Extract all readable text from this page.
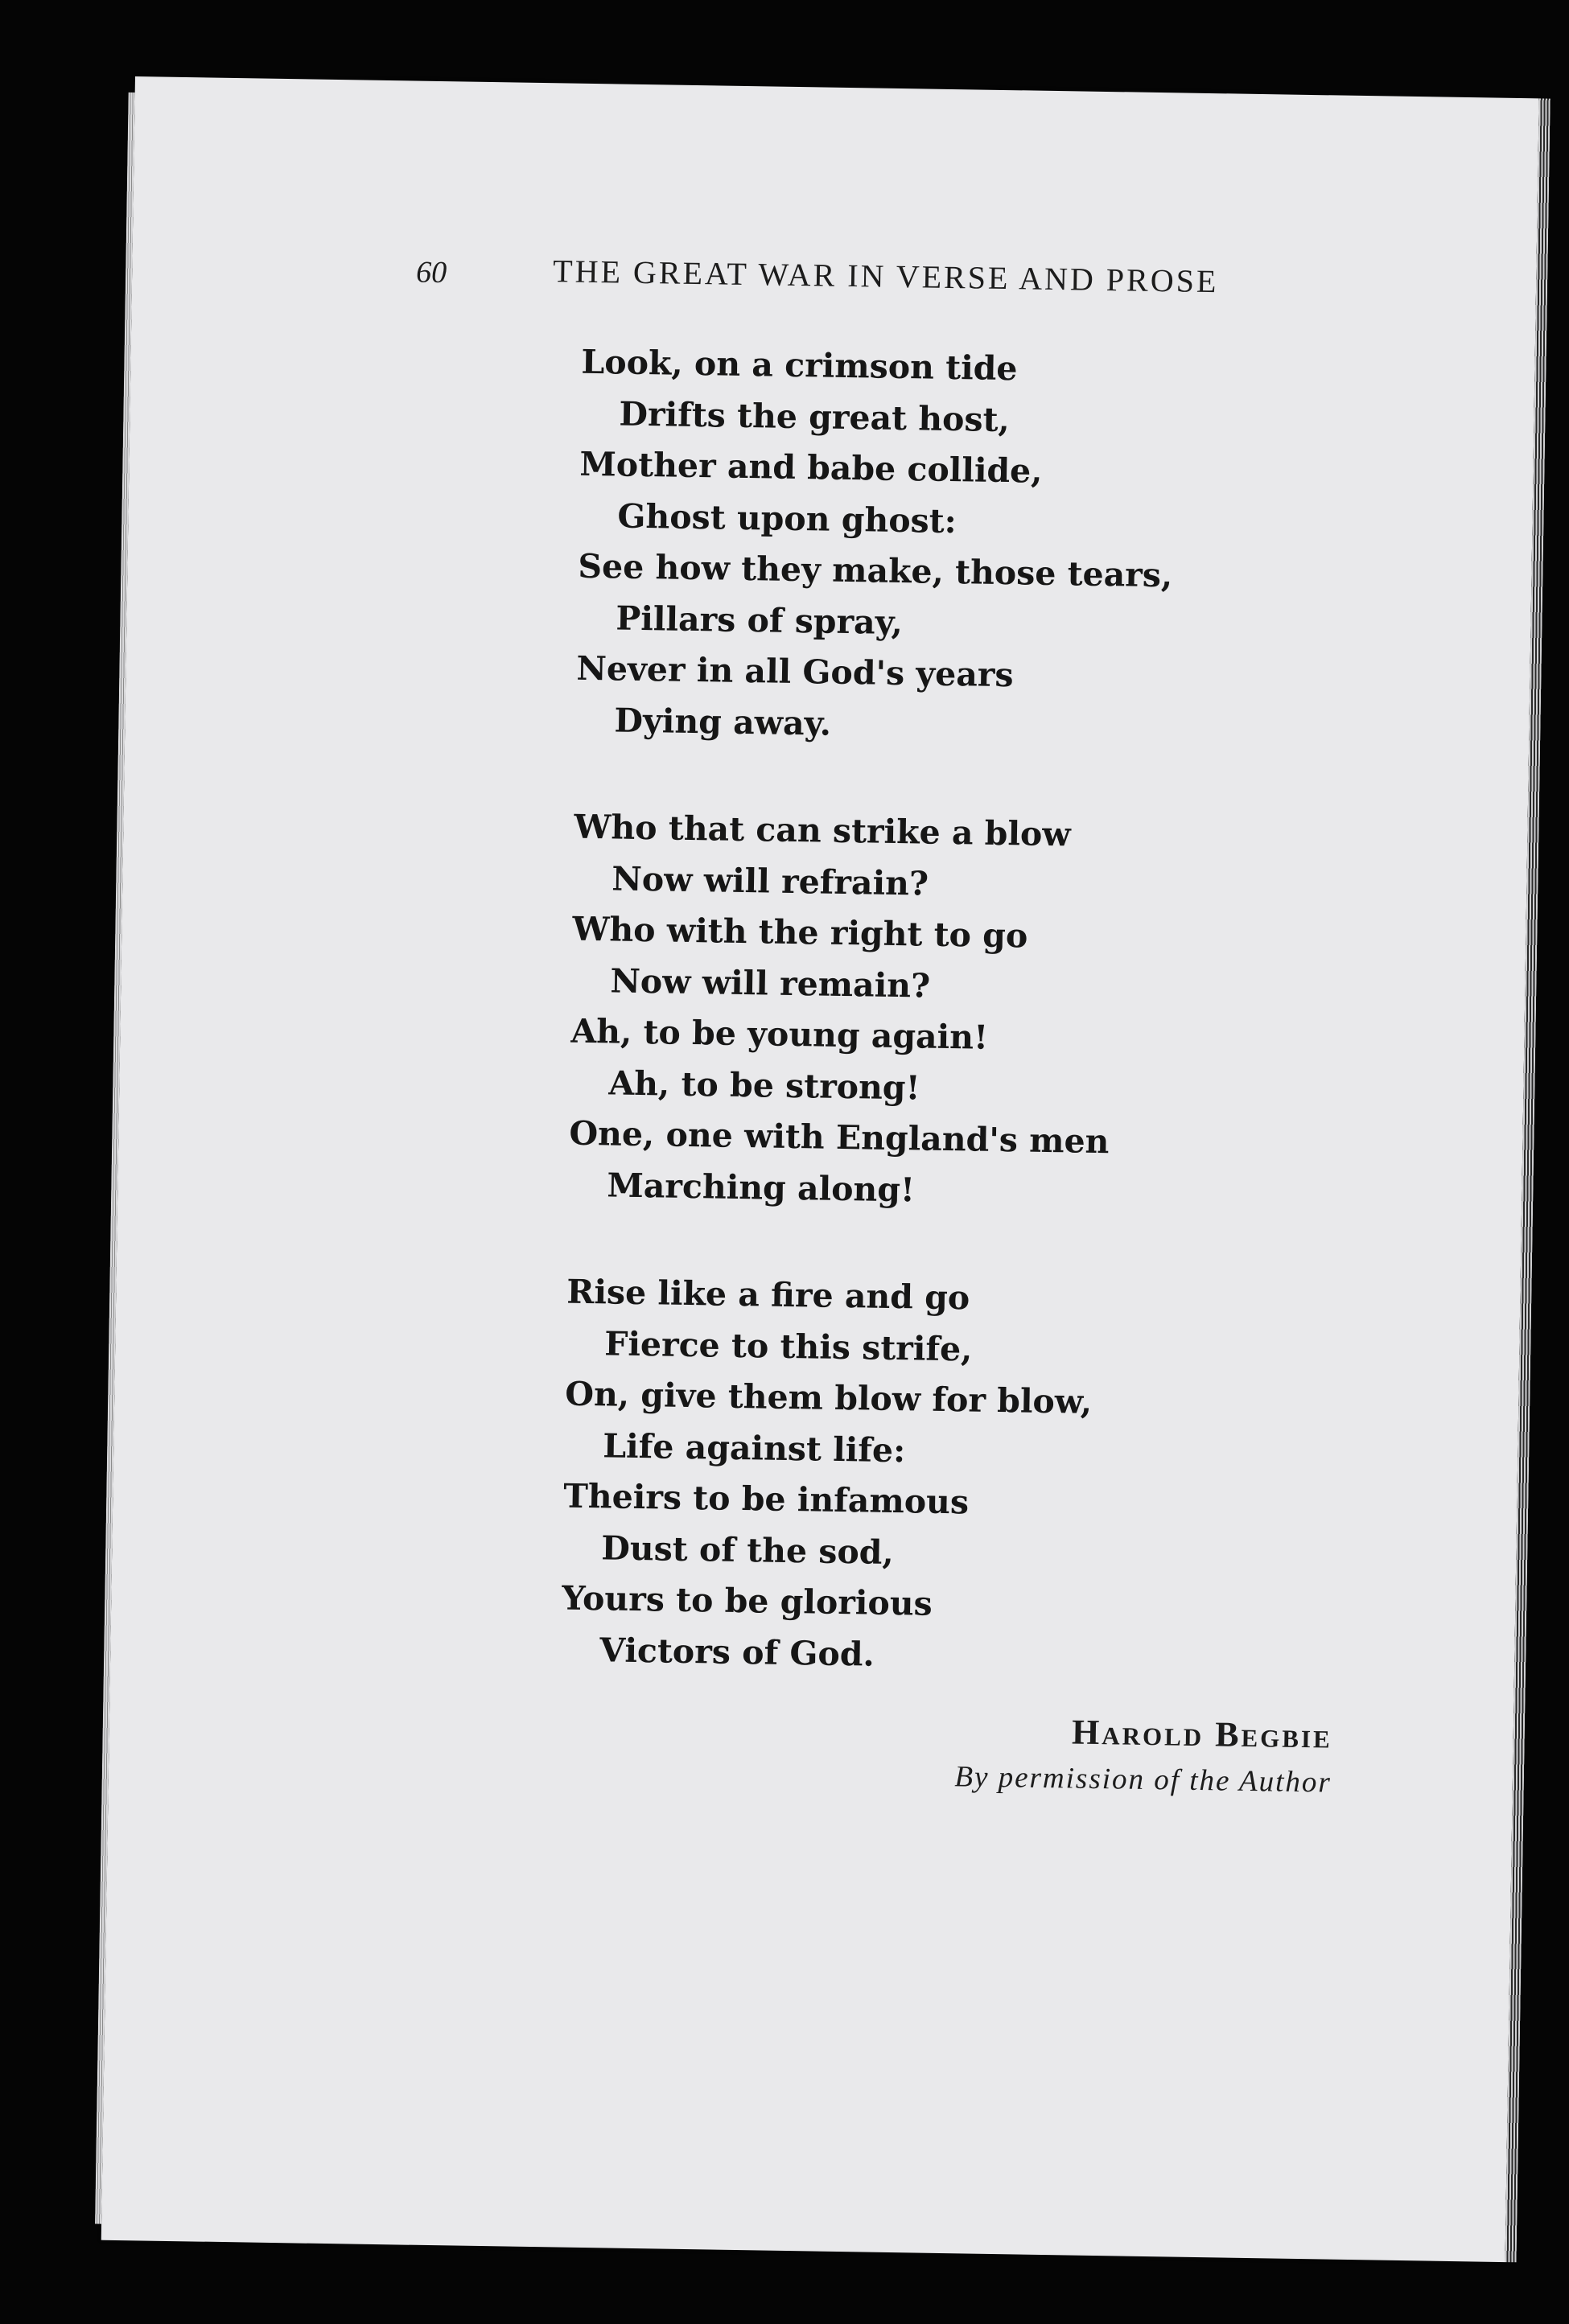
60	THE GREAT WAR IN VERSE AND PROSE
Look, on a crimson tide
Drifts the great host,
Mother and babe collide,
Ghost upon ghost:
See how they make, those tears,
Pillars of spray,
Never in all God's years
Dying away.
Who that can strike a blow
Now will refrain?
Who with the right to go
Now will remain?
Ah, to be young again!
Ah, to be strong!
One, one with England's men
Marching along!
Rise like a fire and go
Fierce to this strife,
On, give them blow for blow,
Life against life:
Theirs to be infamous
Dust of the sod,
Yours to be glorious
Victors of God.
Harold Begbie
By permission of the Author
